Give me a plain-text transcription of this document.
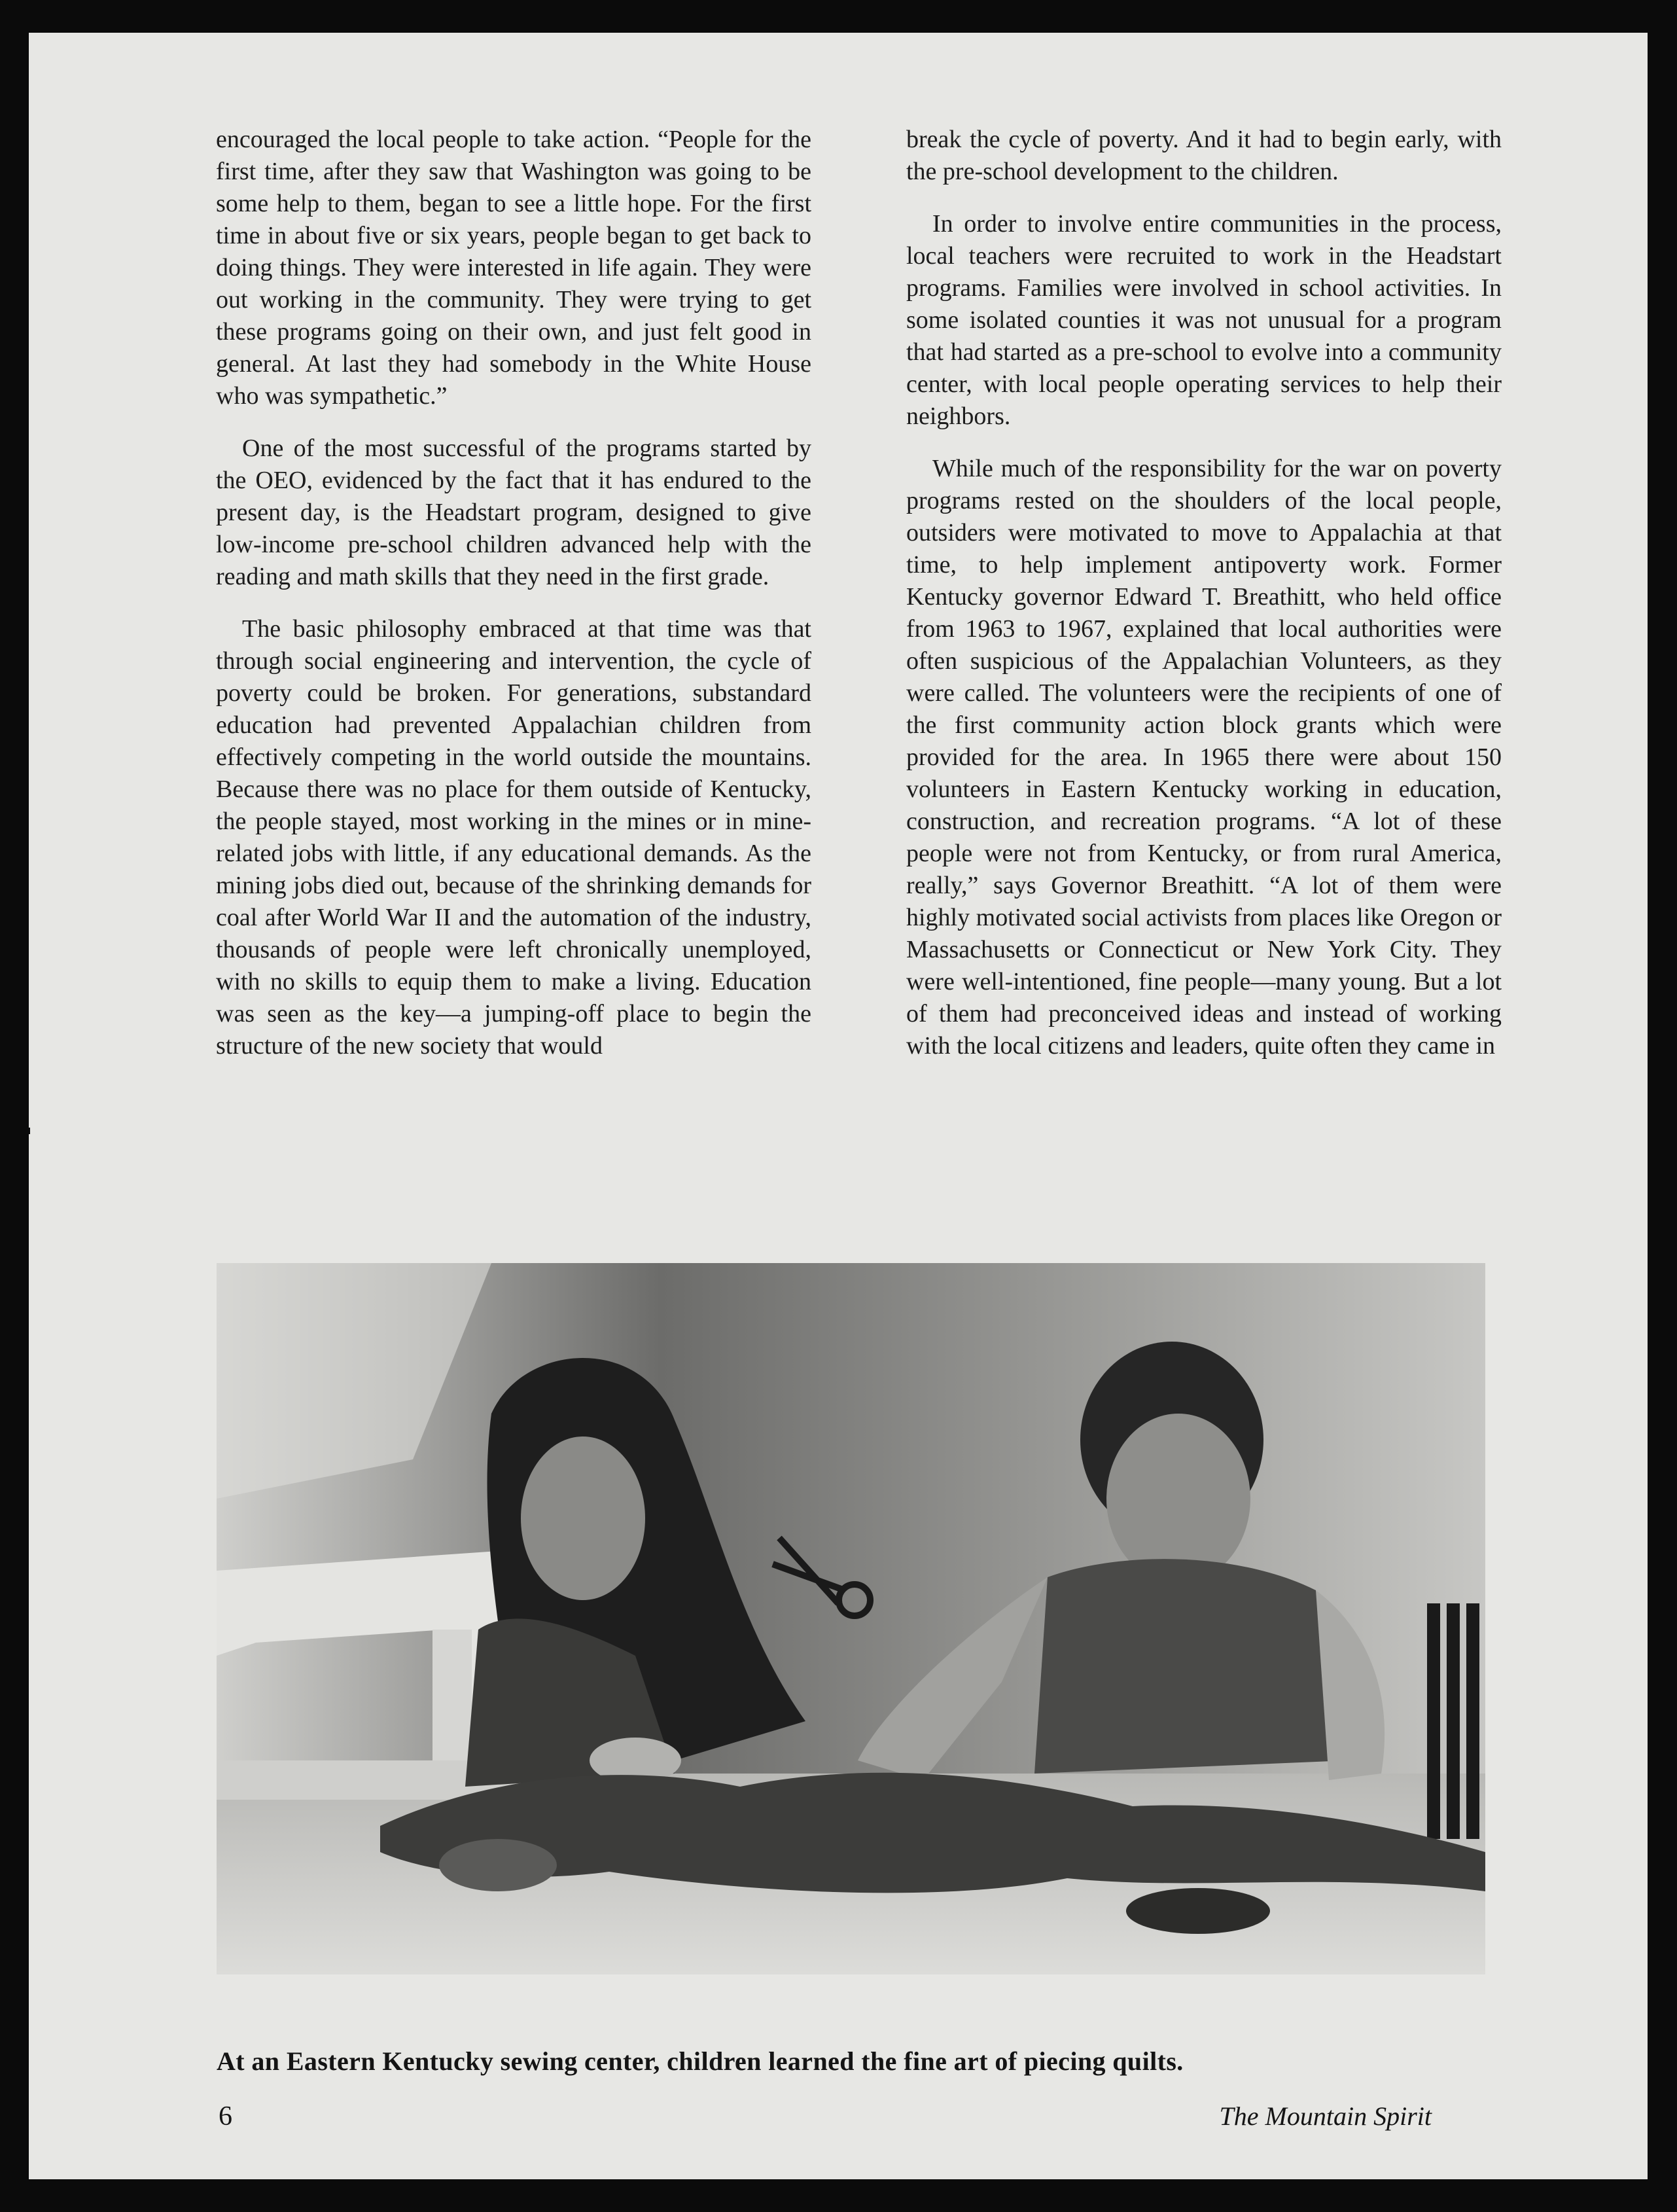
encouraged the local people to take action. “People for the first time, after they saw that Washington was going to be some help to them, began to see a little hope. For the first time in about five or six years, people began to get back to doing things. They were interested in life again. They were out working in the community. They were trying to get these programs going on their own, and just felt good in general. At last they had somebody in the White House who was sympathetic.”

One of the most successful of the programs started by the OEO, evidenced by the fact that it has endured to the present day, is the Headstart program, designed to give low-income pre-school children advanced help with the reading and math skills that they need in the first grade.

The basic philosophy embraced at that time was that through social engineering and intervention, the cycle of poverty could be broken. For generations, substandard education had prevented Appalachian children from effectively competing in the world outside the mountains. Because there was no place for them outside of Kentucky, the people stayed, most working in the mines or in mine-related jobs with little, if any educational demands. As the mining jobs died out, because of the shrinking demands for coal after World War II and the automation of the industry, thousands of people were left chronically unemployed, with no skills to equip them to make a living. Education was seen as the key—a jumping-off place to begin the structure of the new society that would

break the cycle of poverty. And it had to begin early, with the pre-school development to the children.

In order to involve entire communities in the process, local teachers were recruited to work in the Headstart programs. Families were involved in school activities. In some isolated counties it was not unusual for a program that had started as a pre-school to evolve into a community center, with local people operating services to help their neighbors.

While much of the responsibility for the war on poverty programs rested on the shoulders of the local people, outsiders were motivated to move to Appalachia at that time, to help implement antipoverty work. Former Kentucky governor Edward T. Breathitt, who held office from 1963 to 1967, explained that local authorities were often suspicious of the Appalachian Volunteers, as they were called. The volunteers were the recipients of one of the first community action block grants which were provided for the area. In 1965 there were about 150 volunteers in Eastern Kentucky working in education, construction, and recreation programs. “A lot of these people were not from Kentucky, or from rural America, really,” says Governor Breathitt. “A lot of them were highly motivated social activists from places like Oregon or Massachusetts or Connecticut or New York City. They were well-intentioned, fine people—many young. But a lot of them had preconceived ideas and instead of working with the local citizens and leaders, quite often they came in

At an Eastern Kentucky sewing center, children learned the fine art of piecing quilts.
6	The Mountain Spirit
